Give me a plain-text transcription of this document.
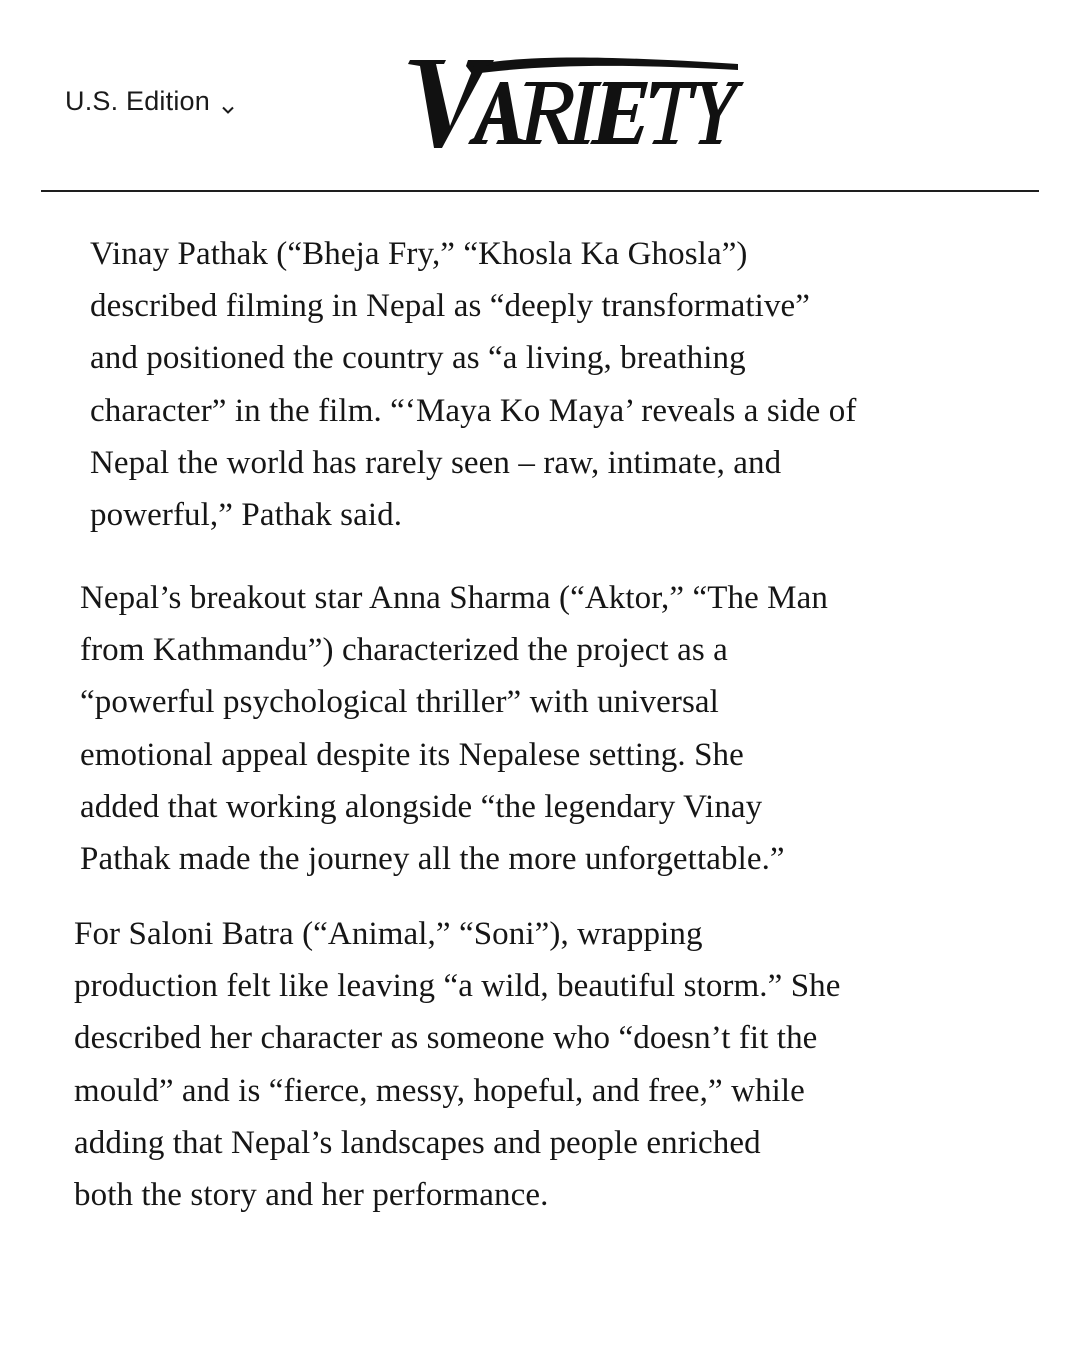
U.S. Edition
Vinay Pathak (“Bheja Fry,” “Khosla Ka Ghosla”)
described filming in Nepal as “deeply transformative”
and positioned the country as “a living, breathing
character” in the film. “‘Maya Ko Maya’ reveals a side of
Nepal the world has rarely seen – raw, intimate, and
powerful,” Pathak said.
Nepal’s breakout star Anna Sharma (“Aktor,” “The Man
from Kathmandu”) characterized the project as a
“powerful psychological thriller” with universal
emotional appeal despite its Nepalese setting. She
added that working alongside “the legendary Vinay
Pathak made the journey all the more unforgettable.”
For Saloni Batra (“Animal,” “Soni”), wrapping
production felt like leaving “a wild, beautiful storm.” She
described her character as someone who “doesn’t fit the
mould” and is “fierce, messy, hopeful, and free,” while
adding that Nepal’s landscapes and people enriched
both the story and her performance.
